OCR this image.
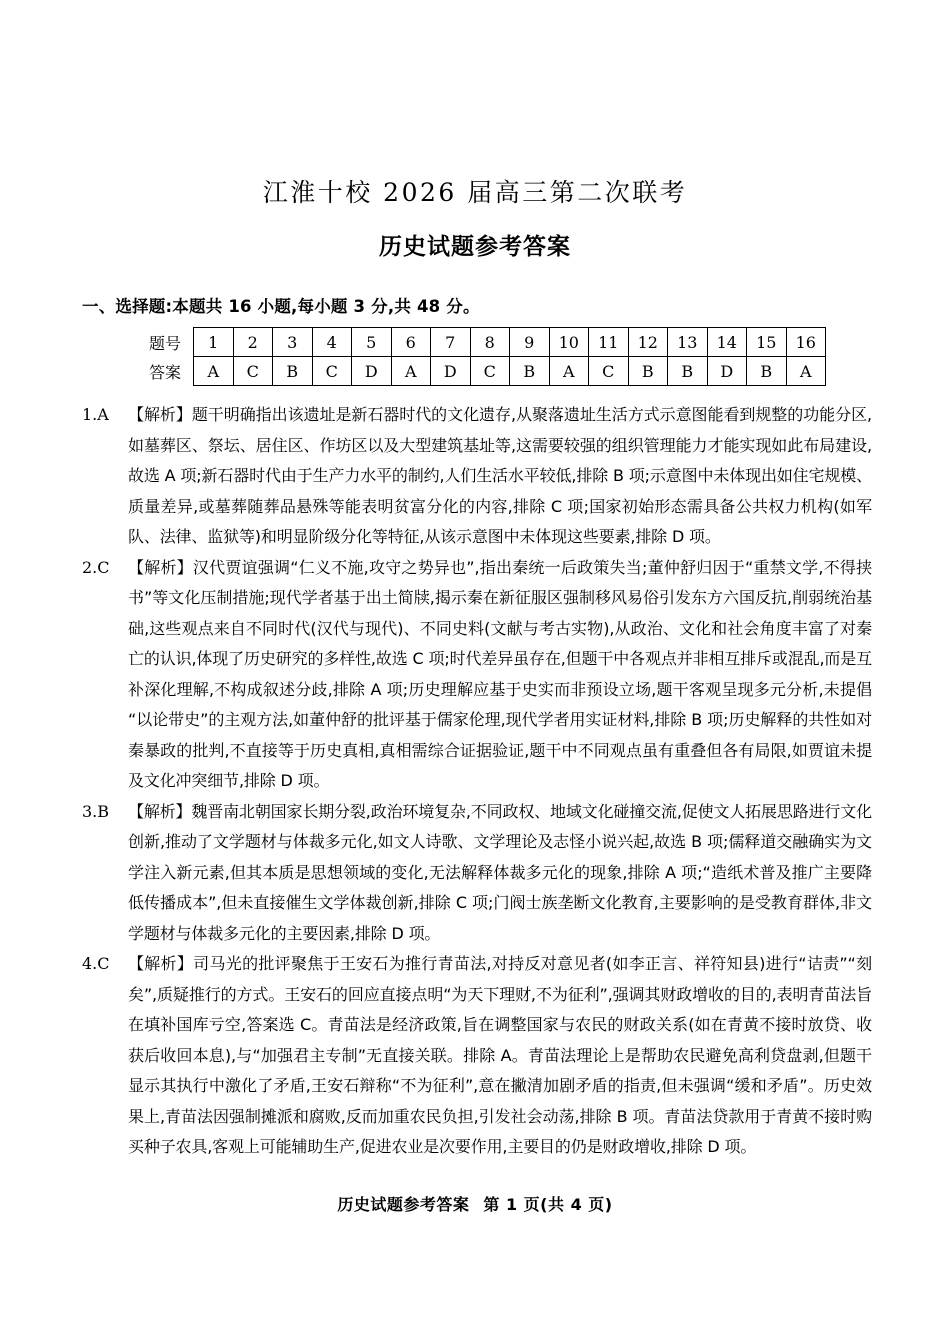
江淮十校 2026 届高三第二次联考
历史试题参考答案

一、选择题:本题共 16 小题,每小题 3 分,共 48 分。

题号	1	2	3	4	5	6	7	8	9	10	11	12	13	14	15	16
答案	A	C	B	C	D	A	D	C	B	A	C	B	B	D	B	A
1.A	【解析】题干明确指出该遗址是新石器时代的文化遗存,从聚落遗址生活方式示意图能看到规整的功能分区,如墓葬区、祭坛、居住区、作坊区以及大型建筑基址等,这需要较强的组织管理能力才能实现如此布局建设,故选 A 项;新石器时代由于生产力水平的制约,人们生活水平较低,排除 B 项;示意图中未体现出如住宅规模、质量差异,或墓葬随葬品悬殊等能表明贫富分化的内容,排除 C 项;国家初始形态需具备公共权力机构(如军队、法律、监狱等)和明显阶级分化等特征,从该示意图中未体现这些要素,排除 D 项。
2.C	【解析】汉代贾谊强调“仁义不施,攻守之势异也”,指出秦统一后政策失当;董仲舒归因于“重禁文学,不得挟书”等文化压制措施;现代学者基于出土简牍,揭示秦在新征服区强制移风易俗引发东方六国反抗,削弱统治基础,这些观点来自不同时代(汉代与现代)、不同史料(文献与考古实物),从政治、文化和社会角度丰富了对秦亡的认识,体现了历史研究的多样性,故选 C 项;时代差异虽存在,但题干中各观点并非相互排斥或混乱,而是互补深化理解,不构成叙述分歧,排除 A 项;历史理解应基于史实而非预设立场,题干客观呈现多元分析,未提倡“以论带史”的主观方法,如董仲舒的批评基于儒家伦理,现代学者用实证材料,排除 B 项;历史解释的共性如对秦暴政的批判,不直接等于历史真相,真相需综合证据验证,题干中不同观点虽有重叠但各有局限,如贾谊未提及文化冲突细节,排除 D 项。
3.B	【解析】魏晋南北朝国家长期分裂,政治环境复杂,不同政权、地域文化碰撞交流,促使文人拓展思路进行文化创新,推动了文学题材与体裁多元化,如文人诗歌、文学理论及志怪小说兴起,故选 B 项;儒释道交融确实为文学注入新元素,但其本质是思想领域的变化,无法解释体裁多元化的现象,排除 A 项;“造纸术普及推广主要降低传播成本”,但未直接催生文学体裁创新,排除 C 项;门阀士族垄断文化教育,主要影响的是受教育群体,非文学题材与体裁多元化的主要因素,排除 D 项。
4.C	【解析】司马光的批评聚焦于王安石为推行青苗法,对持反对意见者(如李正言、祥符知县)进行“诘责”“刻矣”,质疑推行的方式。王安石的回应直接点明“为天下理财,不为征利”,强调其财政增收的目的,表明青苗法旨在填补国库亏空,答案选 C。青苗法是经济政策,旨在调整国家与农民的财政关系(如在青黄不接时放贷、收获后收回本息),与“加强君主专制”无直接关联。排除 A。青苗法理论上是帮助农民避免高利贷盘剥,但题干显示其执行中激化了矛盾,王安石辩称“不为征利”,意在撇清加剧矛盾的指责,但未强调“缓和矛盾”。历史效果上,青苗法因强制摊派和腐败,反而加重农民负担,引发社会动荡,排除 B 项。青苗法贷款用于青黄不接时购买种子农具,客观上可能辅助生产,促进农业是次要作用,主要目的仍是财政增收,排除 D 项。
历史试题参考答案 第 1 页(共 4 页)
